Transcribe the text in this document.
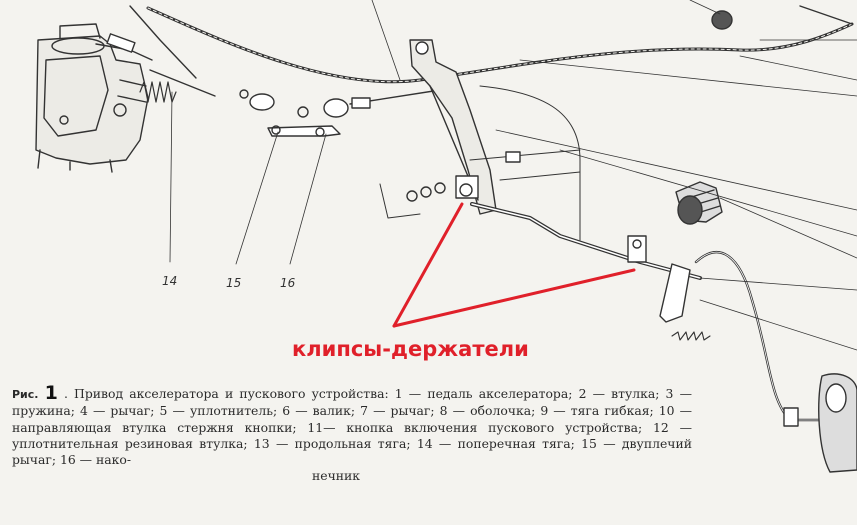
14	15	16
клипсы-держатели
Рис. 1 . Привод акселератора и пускового устройства: 1 — педаль акселератора; 2 — втулка; 3 — пружина; 4 — рычаг; 5 — уплотнитель; 6 — валик; 7 — рычаг; 8 — оболочка; 9 — тяга гибкая; 10 — направляющая втулка стержня кнопки; 11— кнопка включения пускового устройства; 12 — уплотнительная резиновая втулка; 13 — продольная тяга; 14 — поперечная тяга; 15 — двуплечий рычаг; 16 — нако-
нечник
